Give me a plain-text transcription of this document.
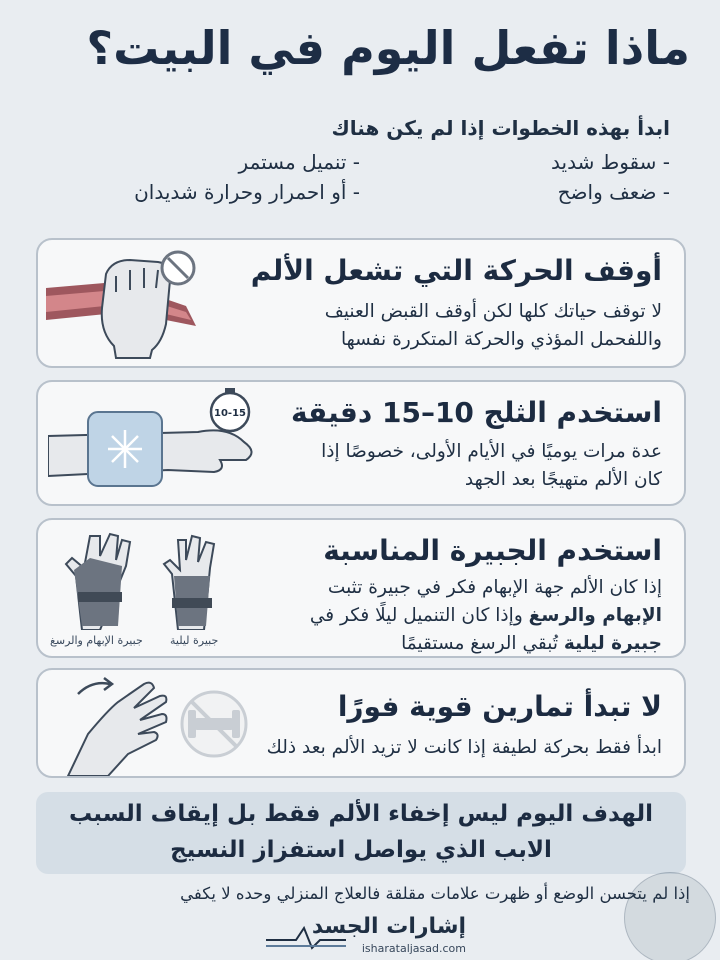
ماذا تفعل اليوم في البيت؟
ابدأ بهذه الخطوات إذا لم يكن هناك
- سقوط شديد
- تنميل مستمر
- ضعف واضح
- أو احمرار وحرارة شديدان
أوقف الحركة التي تشعل الألم
لا توقف حياتك كلها لكن أوقف القبض العنيف
واللفحمل المؤذي والحركة المتكررة نفسها
استخدم الثلج 10–15 دقيقة
عدة مرات يوميًا في الأيام الأولى، خصوصًا إذا
كان الألم متهيجًا بعد الجهد
10-15
استخدم الجبيرة المناسبة
إذا كان الألم جهة الإبهام فكر في جبيرة تثبت
الإبهام والرسغ وإذا كان التنميل ليلًا فكر في
جبيرة ليلية تُبقي الرسغ مستقيمًا
جبيرة الإبهام والرسغ جبيرة ليلية
لا تبدأ تمارين قوية فورًا
ابدأ فقط بحركة لطيفة إذا كانت لا تزيد الألم بعد ذلك
الهدف اليوم ليس إخفاء الألم فقط بل إيقاف السبب
الابب الذي يواصل استفزاز النسيج
إذا لم يتحسن الوضع أو ظهرت علامات مقلقة فالعلاج المنزلي وحده لا يكفي
إشارات الجسد
isharataljasad.com
